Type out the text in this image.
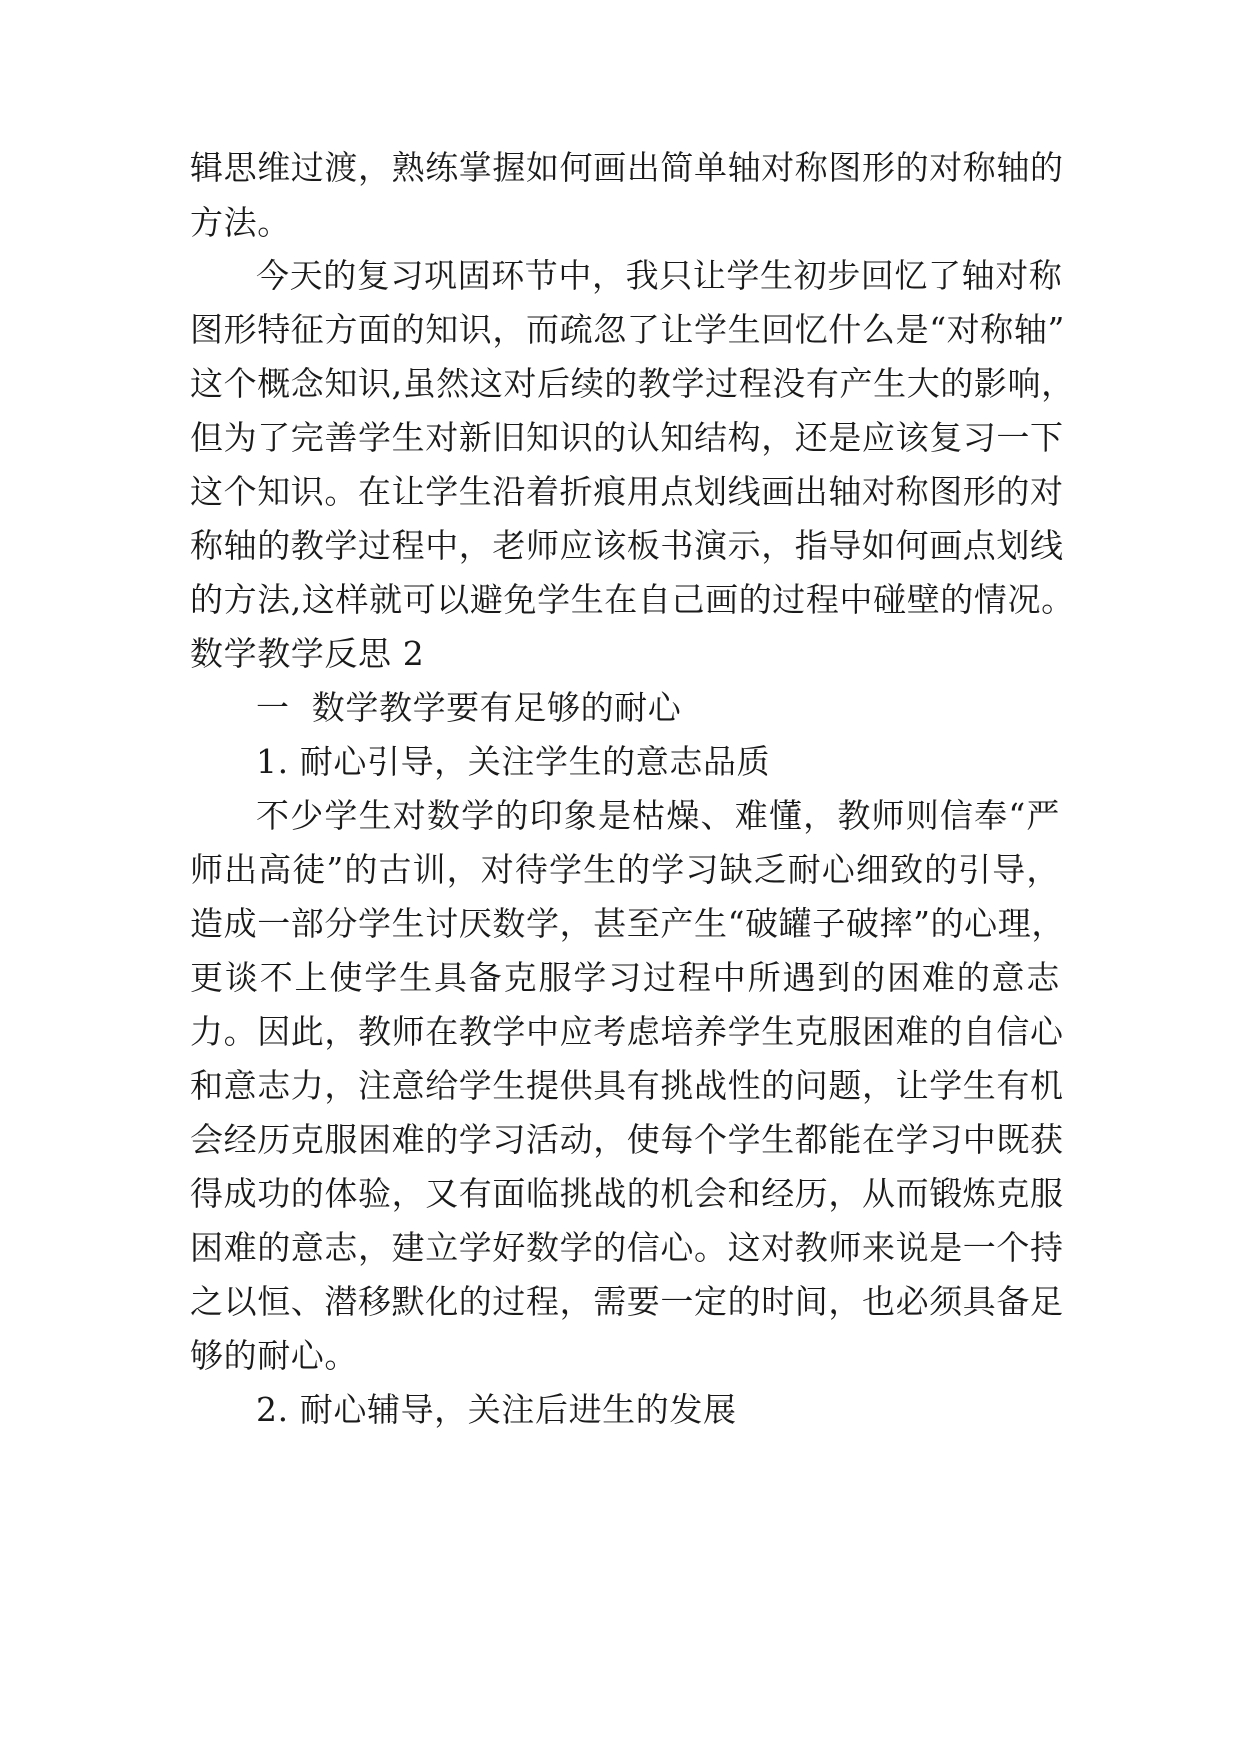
辑思维过渡，熟练掌握如何画出简单轴对称图形的对称轴的
方法。
今天的复习巩固环节中，我只让学生初步回忆了轴对称
图形特征方面的知识，而疏忽了让学生回忆什么是“对称轴”
这个概念知识,虽然这对后续的教学过程没有产生大的影响，
但为了完善学生对新旧知识的认知结构，还是应该复习一下
这个知识。在让学生沿着折痕用点划线画出轴对称图形的对
称轴的教学过程中，老师应该板书演示，指导如何画点划线
的方法,这样就可以避免学生在自己画的过程中碰壁的情况。
数学教学反思 2
一  数学教学要有足够的耐心
1. 耐心引导，关注学生的意志品质
不少学生对数学的印象是枯燥、难懂，教师则信奉“严
师出高徒”的古训，对待学生的学习缺乏耐心细致的引导，
造成一部分学生讨厌数学，甚至产生“破罐子破摔”的心理，
更谈不上使学生具备克服学习过程中所遇到的困难的意志
力。因此，教师在教学中应考虑培养学生克服困难的自信心
和意志力，注意给学生提供具有挑战性的问题，让学生有机
会经历克服困难的学习活动，使每个学生都能在学习中既获
得成功的体验，又有面临挑战的机会和经历，从而锻炼克服
困难的意志，建立学好数学的信心。这对教师来说是一个持
之以恒、潜移默化的过程，需要一定的时间，也必须具备足
够的耐心。
2. 耐心辅导，关注后进生的发展
